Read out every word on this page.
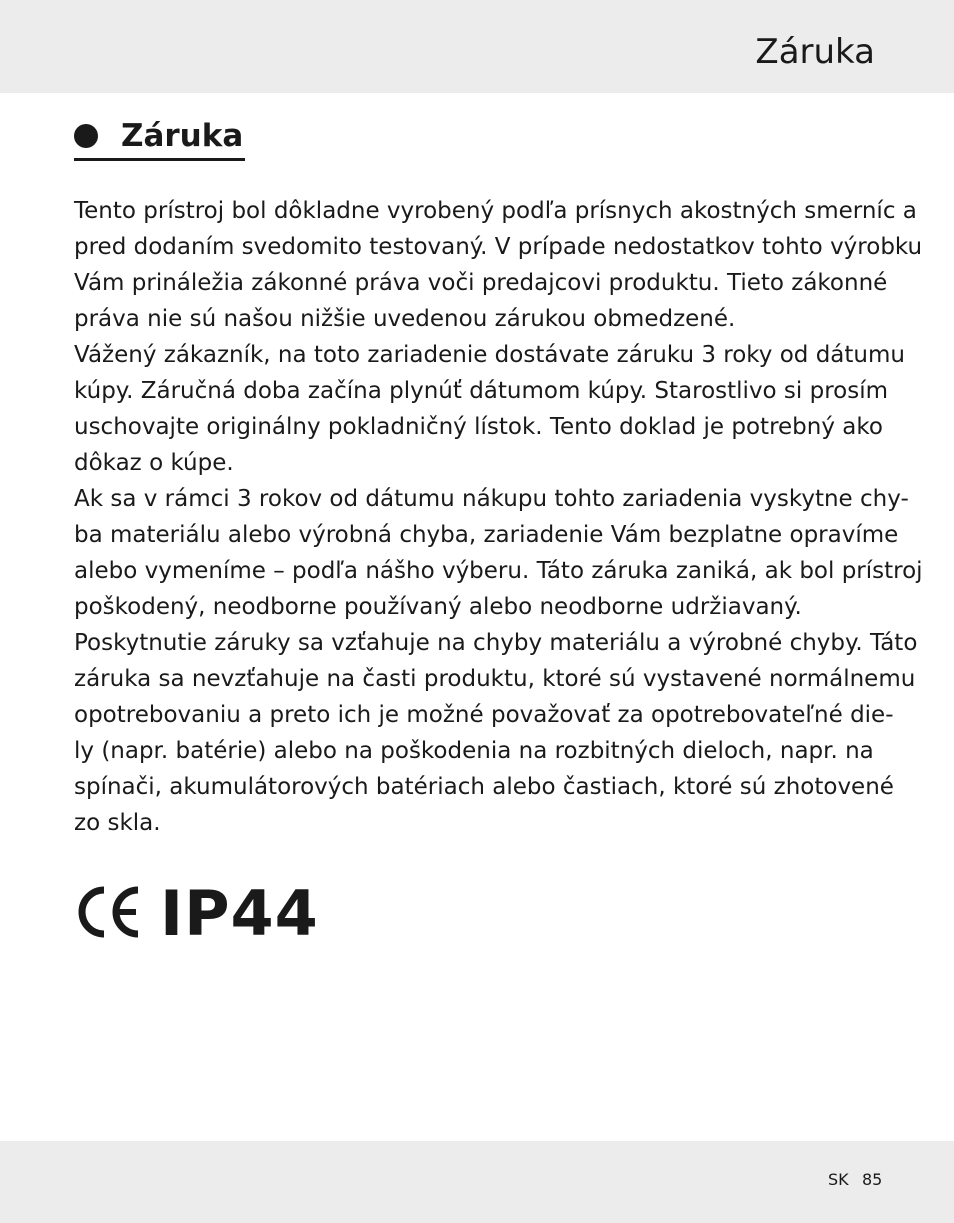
Záruka
Záruka
Tento prístroj bol dôkladne vyrobený podľa prísnych akostných smerníc a
pred dodaním svedomito testovaný. V prípade nedostatkov tohto výrobku
Vám prináležia zákonné práva voči predajcovi produktu. Tieto zákonné
práva nie sú našou nižšie uvedenou zárukou obmedzené.
Vážený zákazník, na toto zariadenie dostávate záruku 3 roky od dátumu
kúpy. Záručná doba začína plynúť dátumom kúpy. Starostlivo si prosím
uschovajte originálny pokladničný lístok. Tento doklad je potrebný ako
dôkaz o kúpe.
Ak sa v rámci 3 rokov od dátumu nákupu tohto zariadenia vyskytne chy-
ba materiálu alebo výrobná chyba, zariadenie Vám bezplatne opravíme
alebo vymeníme – podľa nášho výberu. Táto záruka zaniká, ak bol prístroj
poškodený, neodborne používaný alebo neodborne udržiavaný.
Poskytnutie záruky sa vzťahuje na chyby materiálu a výrobné chyby. Táto
záruka sa nevzťahuje na časti produktu, ktoré sú vystavené normálnemu
opotrebovaniu a preto ich je možné považovať za opotrebovateľné die-
ly (napr. batérie) alebo na poškodenia na rozbitných dieloch, napr. na
spínači, akumulátorových batériach alebo častiach, ktoré sú zhotovené
zo skla.
IP44
SK 85
